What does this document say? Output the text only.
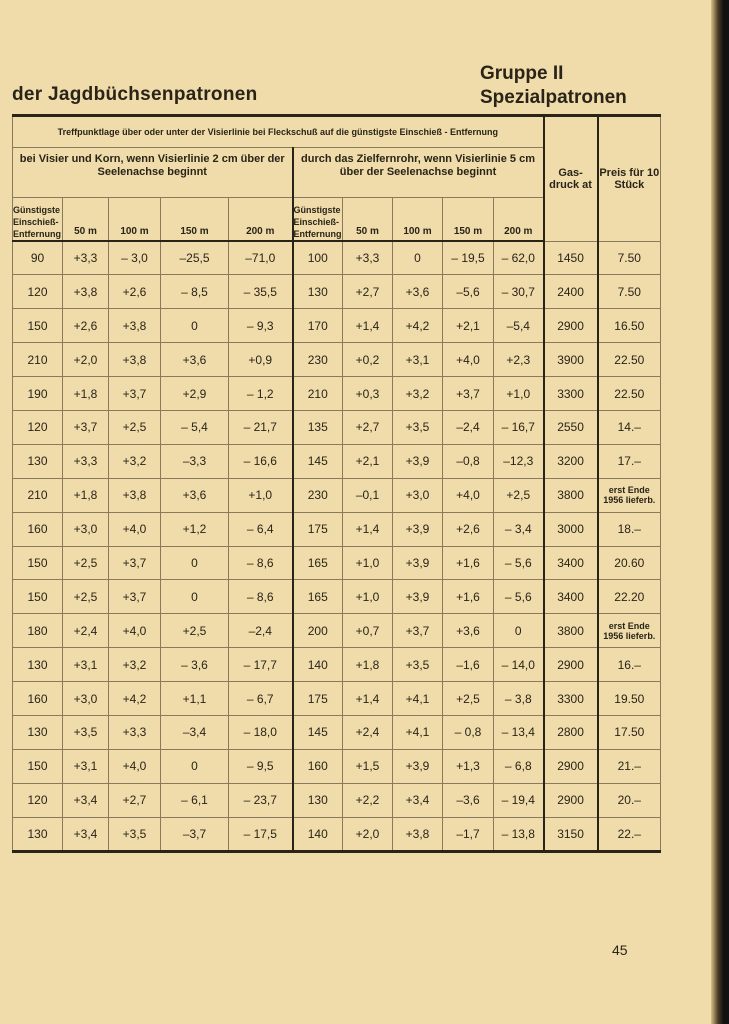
der Jagdbüchsenpatronen
Gruppe II
Spezialpatronen
Treffpunktlage über oder unter der Visierlinie bei Fleckschuß auf die günstigste Einschieß - Entfernung										Gas- druck at	Preis für 10 Stück
bei Visier und Korn, wenn Visierlinie 2 cm über der Seelenachse beginnt					durch das Zielfernrohr, wenn Visierlinie 5 cm über der Seelenachse beginnt						
Günstigste Einschieß- Entfernung	50 m	100 m	150 m	200 m	Günstigste Einschieß- Entfernung	50 m	100 m	150 m	200 m		
90	+3,3	– 3,0	–25,5	–71,0	100	+3,3	0	– 19,5	– 62,0	1450	7.50
120	+3,8	+2,6	– 8,5	– 35,5	130	+2,7	+3,6	–5,6	– 30,7	2400	7.50
150	+2,6	+3,8	0	– 9,3	170	+1,4	+4,2	+2,1	–5,4	2900	16.50
210	+2,0	+3,8	+3,6	+0,9	230	+0,2	+3,1	+4,0	+2,3	3900	22.50
190	+1,8	+3,7	+2,9	– 1,2	210	+0,3	+3,2	+3,7	+1,0	3300	22.50
120	+3,7	+2,5	– 5,4	– 21,7	135	+2,7	+3,5	–2,4	– 16,7	2550	14.–
130	+3,3	+3,2	–3,3	– 16,6	145	+2,1	+3,9	–0,8	–12,3	3200	17.–
210	+1,8	+3,8	+3,6	+1,0	230	–0,1	+3,0	+4,0	+2,5	3800	erst Ende 1956 lieferb.
160	+3,0	+4,0	+1,2	– 6,4	175	+1,4	+3,9	+2,6	– 3,4	3000	18.–
150	+2,5	+3,7	0	– 8,6	165	+1,0	+3,9	+1,6	– 5,6	3400	20.60
150	+2,5	+3,7	0	– 8,6	165	+1,0	+3,9	+1,6	– 5,6	3400	22.20
180	+2,4	+4,0	+2,5	–2,4	200	+0,7	+3,7	+3,6	0	3800	erst Ende 1956 lieferb.
130	+3,1	+3,2	– 3,6	– 17,7	140	+1,8	+3,5	–1,6	– 14,0	2900	16.–
160	+3,0	+4,2	+1,1	– 6,7	175	+1,4	+4,1	+2,5	– 3,8	3300	19.50
130	+3,5	+3,3	–3,4	– 18,0	145	+2,4	+4,1	– 0,8	– 13,4	2800	17.50
150	+3,1	+4,0	0	– 9,5	160	+1,5	+3,9	+1,3	– 6,8	2900	21.–
120	+3,4	+2,7	– 6,1	– 23,7	130	+2,2	+3,4	–3,6	– 19,4	2900	20.–
130	+3,4	+3,5	–3,7	– 17,5	140	+2,0	+3,8	–1,7	– 13,8	3150	22.–
45
